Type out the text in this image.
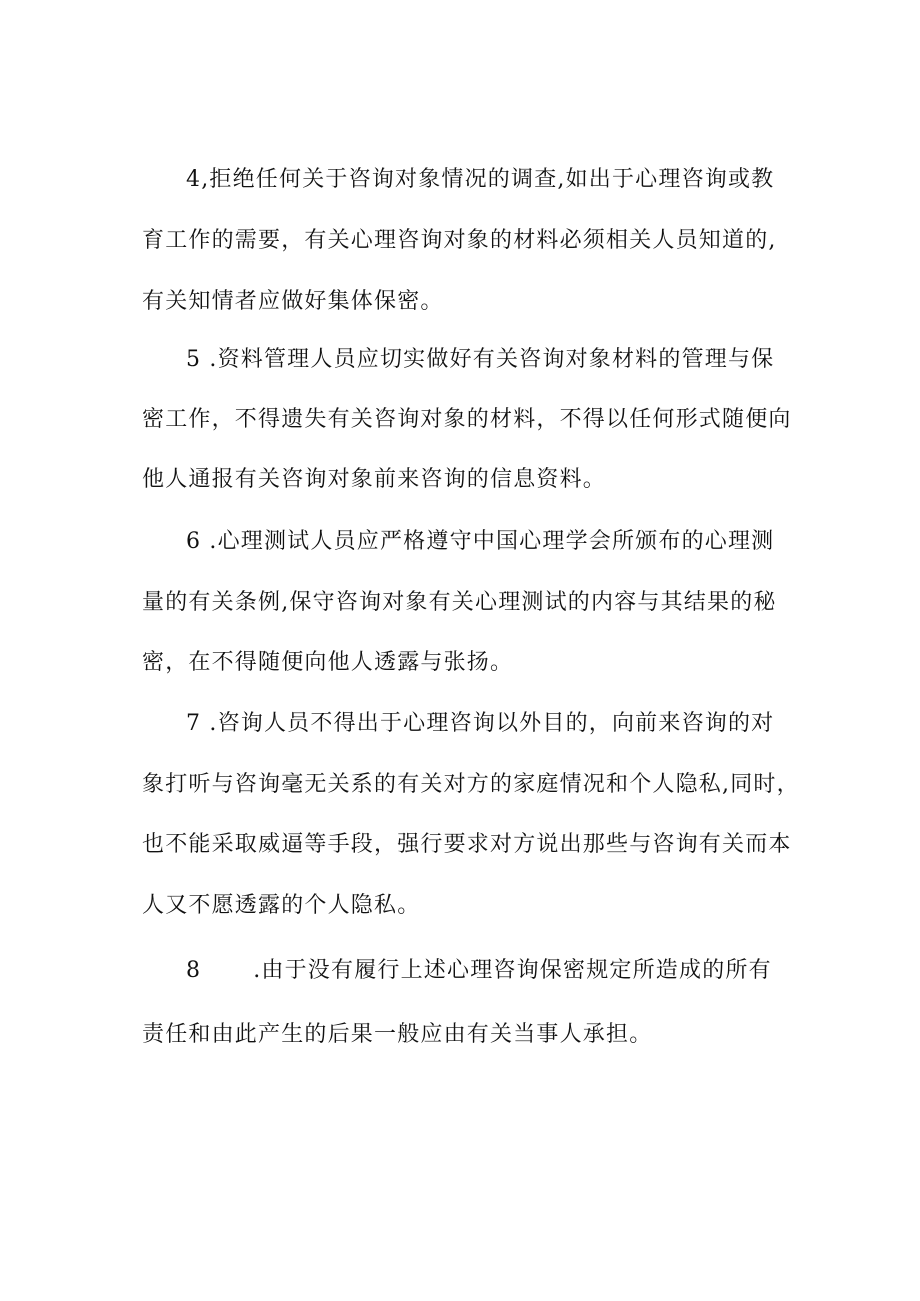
4,拒绝任何关于咨询对象情况的调查,如出于心理咨询或教
育工作的需要，有关心理咨询对象的材料必须相关人员知道的,
有关知情者应做好集体保密。
5 .资料管理人员应切实做好有关咨询对象材料的管理与保
密工作，不得遗失有关咨询对象的材料，不得以任何形式随便向
他人通报有关咨询对象前来咨询的信息资料。
6 .心理测试人员应严格遵守中国心理学会所颁布的心理测
量的有关条例,保守咨询对象有关心理测试的内容与其结果的秘
密，在不得随便向他人透露与张扬。
7 .咨询人员不得出于心理咨询以外目的，向前来咨询的对
象打听与咨询毫无关系的有关对方的家庭情况和个人隐私,同时，
也不能采取威逼等手段，强行要求对方说出那些与咨询有关而本
人又不愿透露的个人隐私。
8 .由于没有履行上述心理咨询保密规定所造成的所有
责任和由此产生的后果一般应由有关当事人承担。
